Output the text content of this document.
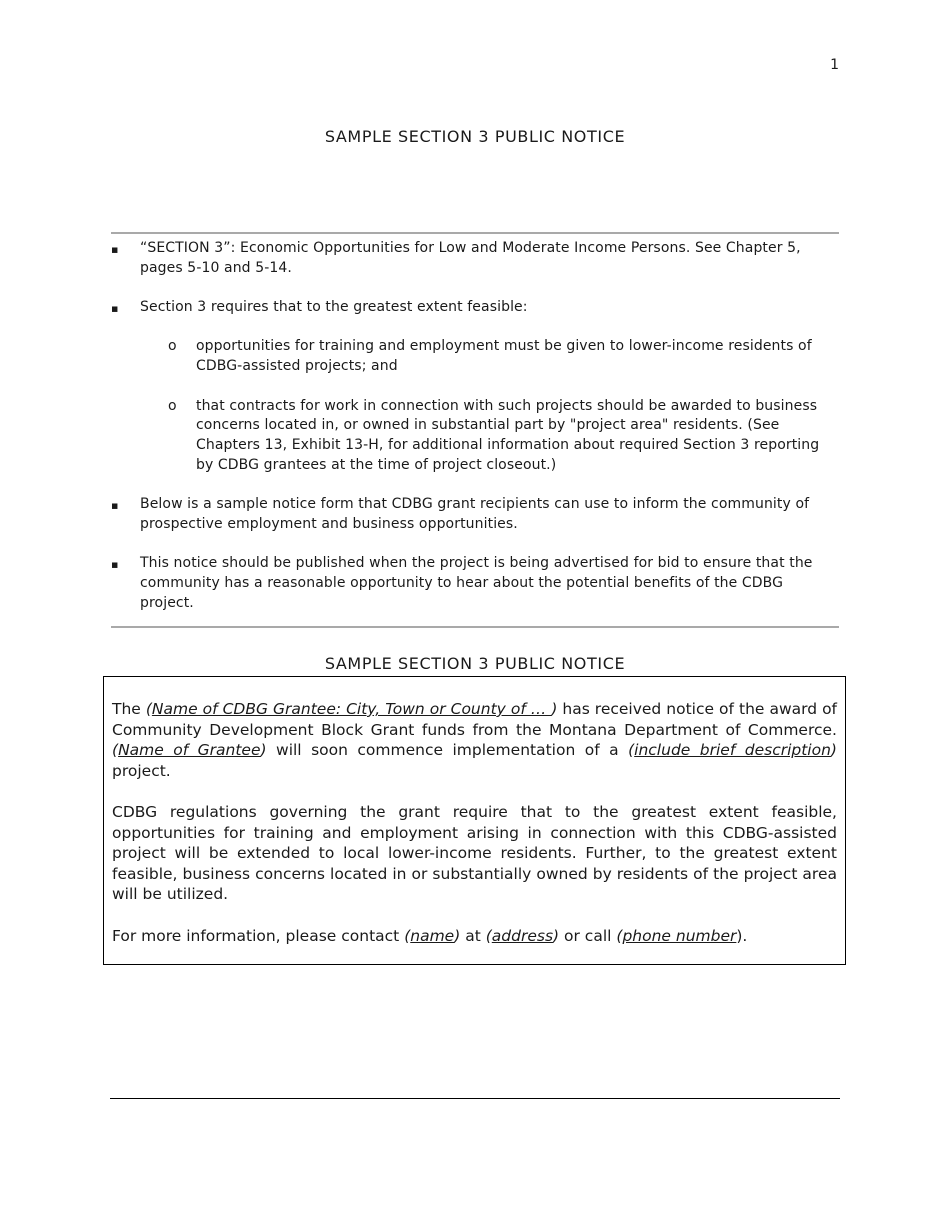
1
SAMPLE SECTION 3 PUBLIC NOTICE
▪ “SECTION 3”: Economic Opportunities for Low and Moderate Income Persons. See Chapter 5, pages 5-10 and 5-14.
▪ Section 3 requires that to the greatest extent feasible:
o opportunities for training and employment must be given to lower-income residents of CDBG-assisted projects; and
o that contracts for work in connection with such projects should be awarded to business concerns located in, or owned in substantial part by "project area" residents. (See Chapters 13, Exhibit 13-H, for additional information about required Section 3 reporting by CDBG grantees at the time of project closeout.)
▪ Below is a sample notice form that CDBG grant recipients can use to inform the community of prospective employment and business opportunities.
▪ This notice should be published when the project is being advertised for bid to ensure that the community has a reasonable opportunity to hear about the potential benefits of the CDBG project.
SAMPLE SECTION 3 PUBLIC NOTICE

The (Name of CDBG Grantee: City, Town or County of … ) has received notice of the award of Community Development Block Grant funds from the Montana Department of Commerce. (Name of Grantee) will soon commence implementation of a (include brief description) project.

CDBG regulations governing the grant require that to the greatest extent feasible, opportunities for training and employment arising in connection with this CDBG-assisted project will be extended to local lower-income residents. Further, to the greatest extent feasible, business concerns located in or substantially owned by residents of the project area will be utilized.

For more information, please contact (name) at (address) or call (phone number).
